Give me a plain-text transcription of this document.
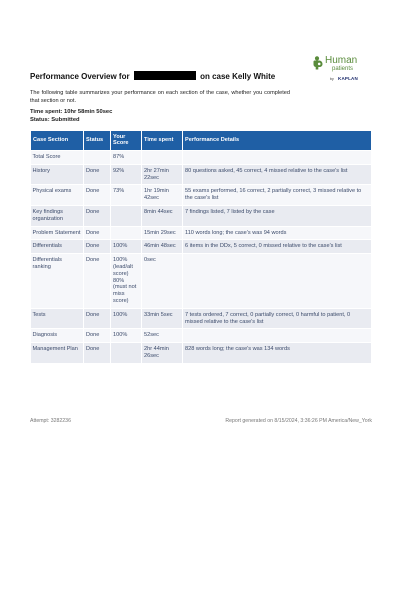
Performance Overview for	on case Kelly White
Human
patients
by KAPLAN
The following table summarizes your performance on each section of the case, whether you completed that section or not.
Time spent: 10hr 58min 50sec
Status: Submitted
Case Section	Status	Your Score	Time spent	Performance Details
Total Score		87%		
History	Done	92%	2hr 27min 22sec	80 questions asked, 45 correct, 4 missed relative to the case's list
Physical exams	Done	73%	1hr 19min 42sec	55 exams performed, 16 correct, 2 partially correct, 3 missed relative to the case's list
Key findings organization	Done		8min 44sec	7 findings listed, 7 listed by the case
Problem Statement	Done		15min 29sec	110 words long; the case's was 94 words
Differentials	Done	100%	46min 48sec	6 items in the DDx, 5 correct, 0 missed relative to the case's list
Differentials ranking	Done	100% (lead/alt score) 80% (must not miss score)	0sec	
Tests	Done	100%	33min 5sec	7 tests ordered, 7 correct, 0 partially correct, 0 harmful to patient, 0 missed relative to the case's list
Diagnosis	Done	100%	52sec	
Management Plan	Done		2hr 44min 26sec	828 words long; the case's was 134 words
Attempt: 3282236	Report generated on 8/15/2024, 3:36:26 PM America/New_York
